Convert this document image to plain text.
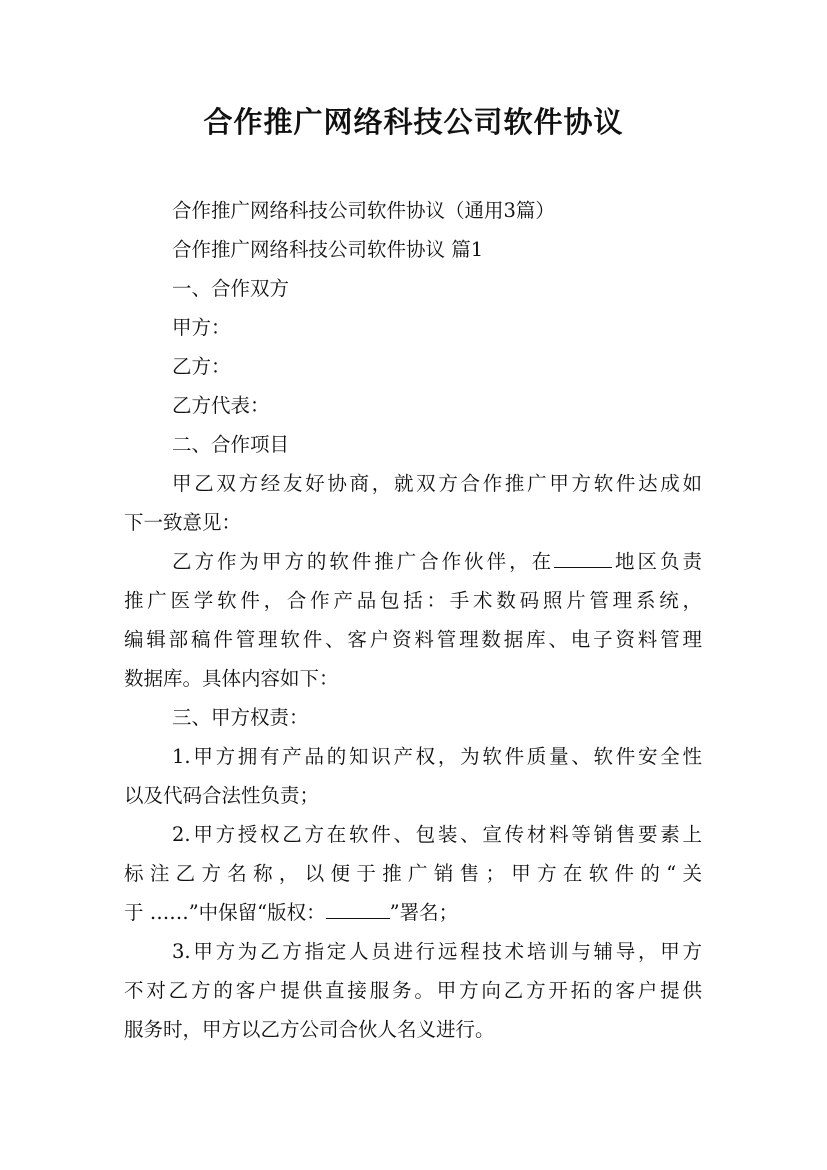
合作推广网络科技公司软件协议
合作推广网络科技公司软件协议（通用3篇）
合作推广网络科技公司软件协议 篇1
一、合作双方
甲方：
乙方：
乙方代表：
二、合作项目
甲乙双方经友好协商，就双方合作推广甲方软件达成如
下一致意见：
乙方作为甲方的软件推广合作伙伴，在	地区负责
推广医学软件，合作产品包括：手术数码照片管理系统，
编辑部稿件管理软件、客户资料管理数据库、电子资料管理
数据库。具体内容如下：
三、甲方权责：
1.甲方拥有产品的知识产权，为软件质量、软件安全性
以及代码合法性负责；
2.甲方授权乙方在软件、包装、宣传材料等销售要素上
标注乙方名称，以便于推广销售；甲方在软件的“关
于 ……”中保留“版权：	”署名；
3.甲方为乙方指定人员进行远程技术培训与辅导，甲方
不对乙方的客户提供直接服务。甲方向乙方开拓的客户提供
服务时，甲方以乙方公司合伙人名义进行。
